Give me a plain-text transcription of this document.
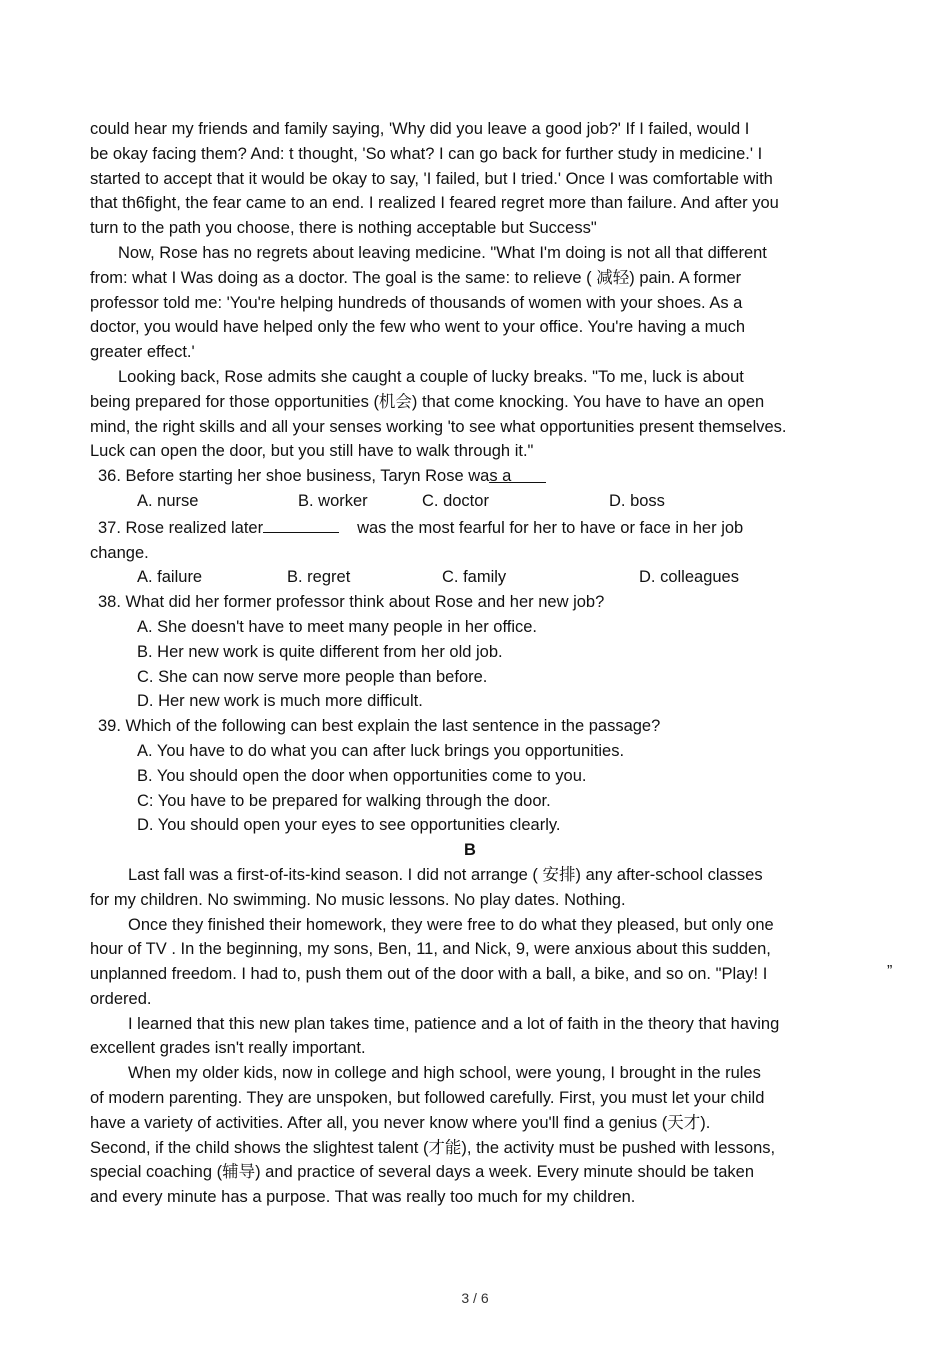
could hear my friends and family saying, 'Why did you leave a good job?' If I failed, would I

be okay facing them? And: t thought, 'So what? I can go back for further study in medicine.' I

started to accept that it would be okay to say, 'I failed, but I tried.' Once I was comfortable with

that th6fight, the fear came to an end. I realized I feared regret more than failure. And after you

turn to the path you choose, there is nothing acceptable but Success"

Now, Rose has no regrets about leaving medicine. "What I'm doing is not all that different

from: what I Was doing as a doctor. The goal is the same: to relieve ( 减轻) pain. A former

professor told me: 'You're helping hundreds of thousands of women with your shoes. As a

doctor, you would have helped only the few who went to your office. You're having a much

greater effect.'

Looking back, Rose admits she caught a couple of lucky breaks. "To me, luck is about

being prepared for those opportunities (机会) that come knocking. You have to have an open

mind, the right skills and all your senses working 'to see what opportunities present themselves.

Luck can open the door, but you still have to walk through it."

36. Before starting her shoe business, Taryn Rose was a

A. nurse	B. worker	C. doctor	D. boss

37. Rose realized later	was the most fearful for her to have or face in her job

change.

A. failure	B. regret	C. family	D. colleagues

38. What did her former professor think about Rose and her new job?

A. She doesn't have to meet many people in her office.

B. Her new work is quite different from her old job.

C. She can now serve more people than before.

D. Her new work is much more difficult.

39. Which of the following can best explain the last sentence in the passage?

A. You have to do what you can after luck brings you opportunities.

B. You should open the door when opportunities come to you.

C: You have to be prepared for walking through the door.

D. You should open your eyes to see opportunities clearly.

B

Last fall was a first-of-its-kind season. I did not arrange ( 安排) any after-school classes

for my children. No swimming. No music lessons. No play dates. Nothing.

Once they finished their homework, they were free to do what they pleased, but only one

hour of TV . In the beginning, my sons, Ben, 11, and Nick, 9, were anxious about this sudden,

unplanned freedom. I had to, push them out of the door with a ball, a bike, and so on. "Play! I

ordered.

I learned that this new plan takes time, patience and a lot of faith in the theory that having

excellent grades isn't really important.

When my older kids, now in college and high school, were young, I brought in the rules

of modern parenting. They are unspoken, but followed carefully. First, you must let your child

have a variety of activities. After all, you never know where you'll find a genius (天才).

Second, if the child shows the slightest talent (才能), the activity must be pushed with lessons,

special coaching (辅导) and practice of several days a week. Every minute should be taken

and every minute has a purpose. That was really too much for my children.

”
3 / 6
